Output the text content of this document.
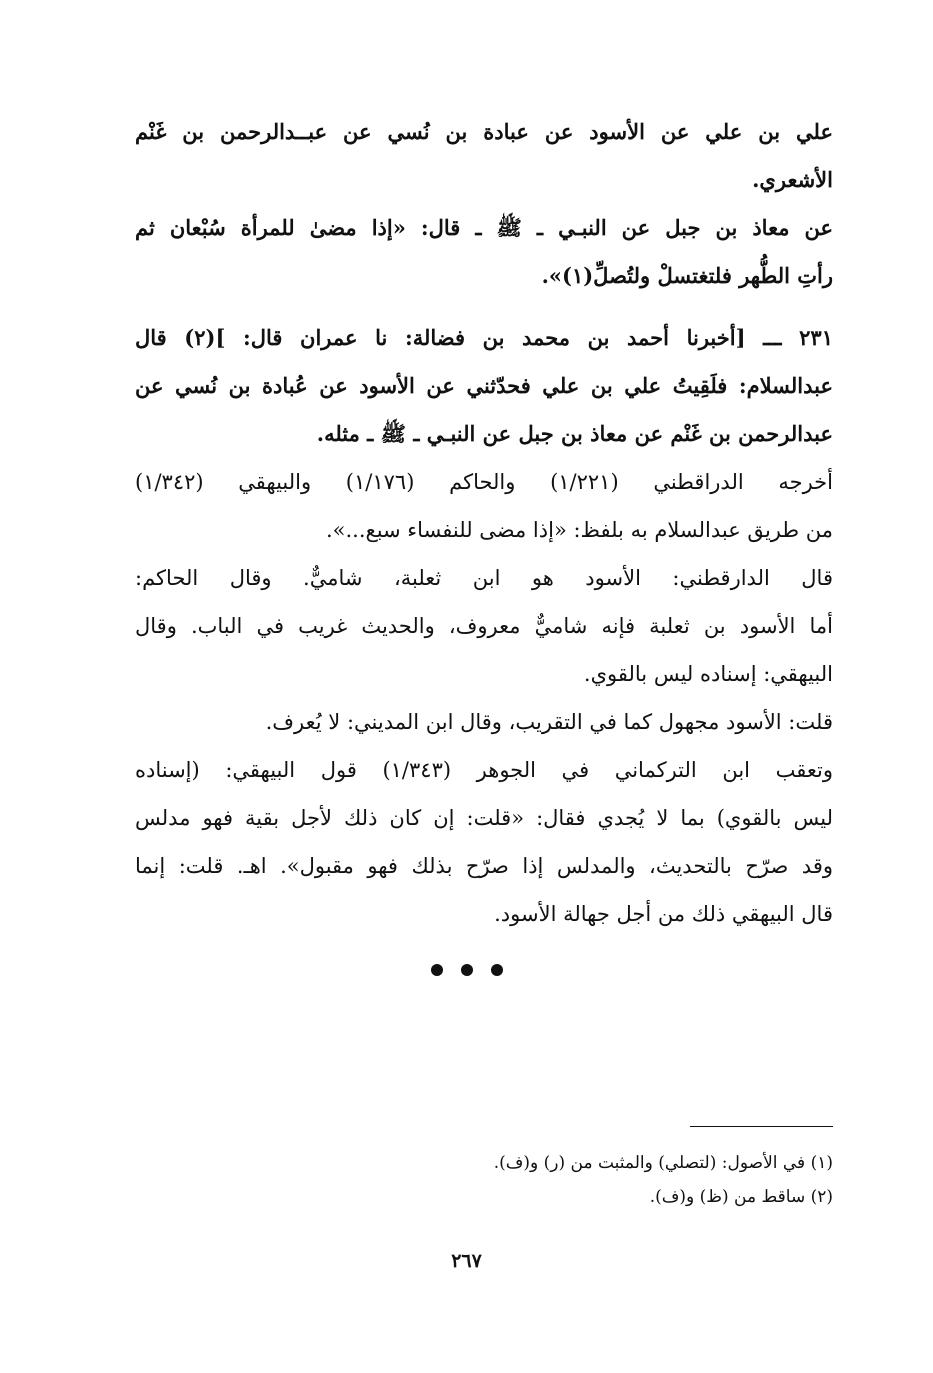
علي بن علي عن الأسود عن عبادة بن نُسي عن عبــدالرحمن بن غَنْم
الأشعري.
عن معاذ بن جبل عن النبـي ـ ﷺ ـ قال: «إذا مضىٰ للمرأة سُبْعان ثم
رأتِ الطُّهر فلتغتسلْ ولتُصلِّ(١)».
٢٣١ ـــ [أخبرنا أحمد بن محمد بن فضالة: نا عمران قال: ](٢) قال
عبدالسلام: فلَقِيتُ علي بن علي فحدّثني عن الأسود عن عُبادة بن نُسي عن
عبدالرحمن بن غَنْم عن معاذ بن جبل عن النبـي ـ ﷺ ـ مثله.
أخرجه الدراقطني (١/٢٢١) والحاكم (١/١٧٦) والبيهقي (١/٣٤٢)
من طريق عبدالسلام به بلفظ: «إذا مضى للنفساء سبع...».
قال الدارقطني: الأسود هو ابن ثعلبة، شاميٌّ. وقال الحاكم:
أما الأسود بن ثعلبة فإنه شاميٌّ معروف، والحديث غريب في الباب. وقال
البيهقي: إسناده ليس بالقوي.
قلت: الأسود مجهول كما في التقريب، وقال ابن المديني: لا يُعرف.
وتعقب ابن التركماني في الجوهر (١/٣٤٣) قول البيهقي: (إسناده
ليس بالقوي) بما لا يُجدي فقال: «قلت: إن كان ذلك لأجل بقية فهو مدلس
وقد صرّح بالتحديث، والمدلس إذا صرّح بذلك فهو مقبول». اهـ. قلت: إنما
قال البيهقي ذلك من أجل جهالة الأسود.
(١) في الأصول: (لتصلي) والمثبت من (ر) و(ف).
(٢) ساقط من (ظ) و(ف).
٢٦٧
